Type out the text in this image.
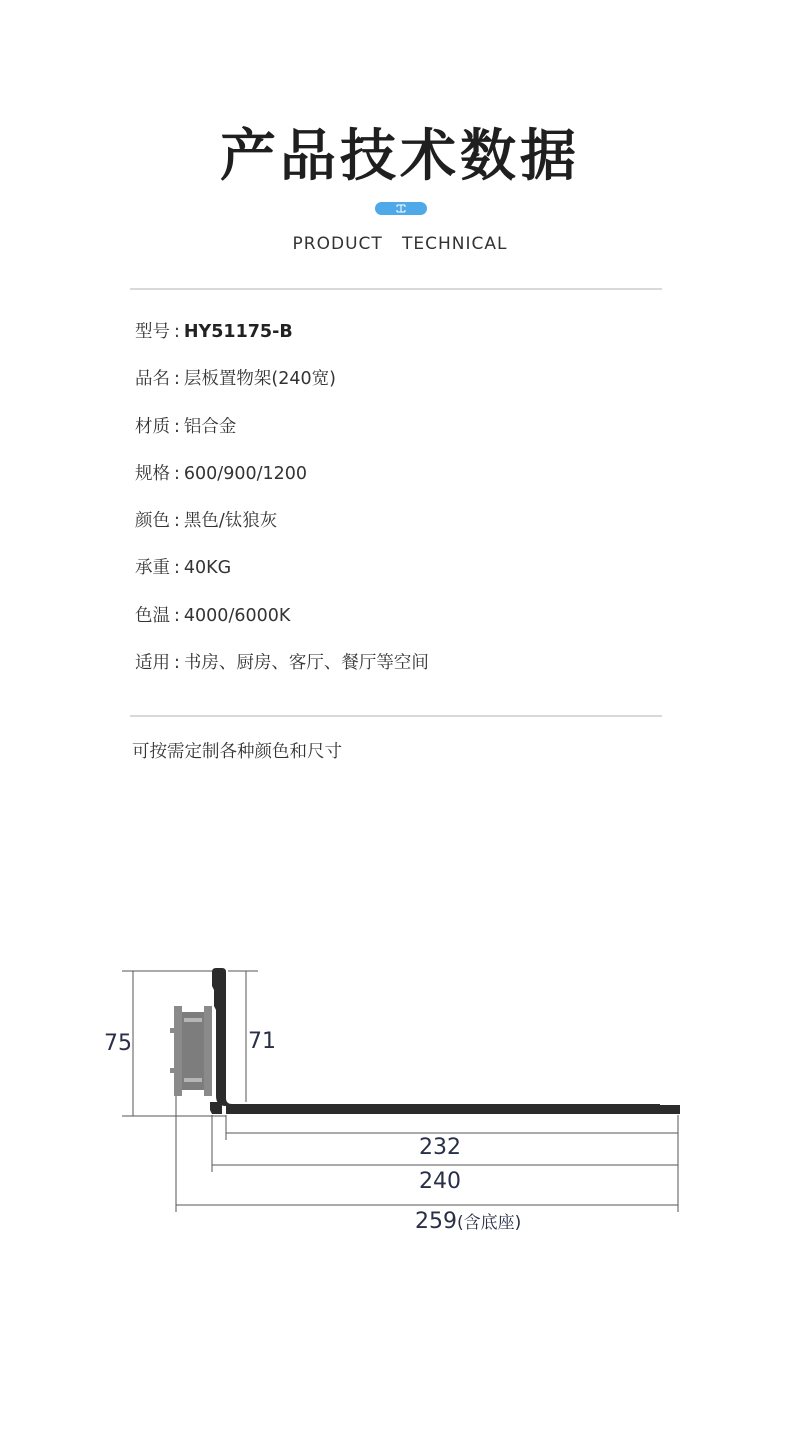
产品技术数据
PRODUCT   TECHNICAL
型号 : HY51175-B
品名 : 层板置物架(240宽)
材质 : 铝合金
规格 : 600/900/1200
颜色 : 黑色/钛狼灰
承重 : 40KG
色温 : 4000/6000K
适用 : 书房、厨房、客厅、餐厅等空间
可按需定制各种颜色和尺寸
75	71
232
240
259 (含底座)
